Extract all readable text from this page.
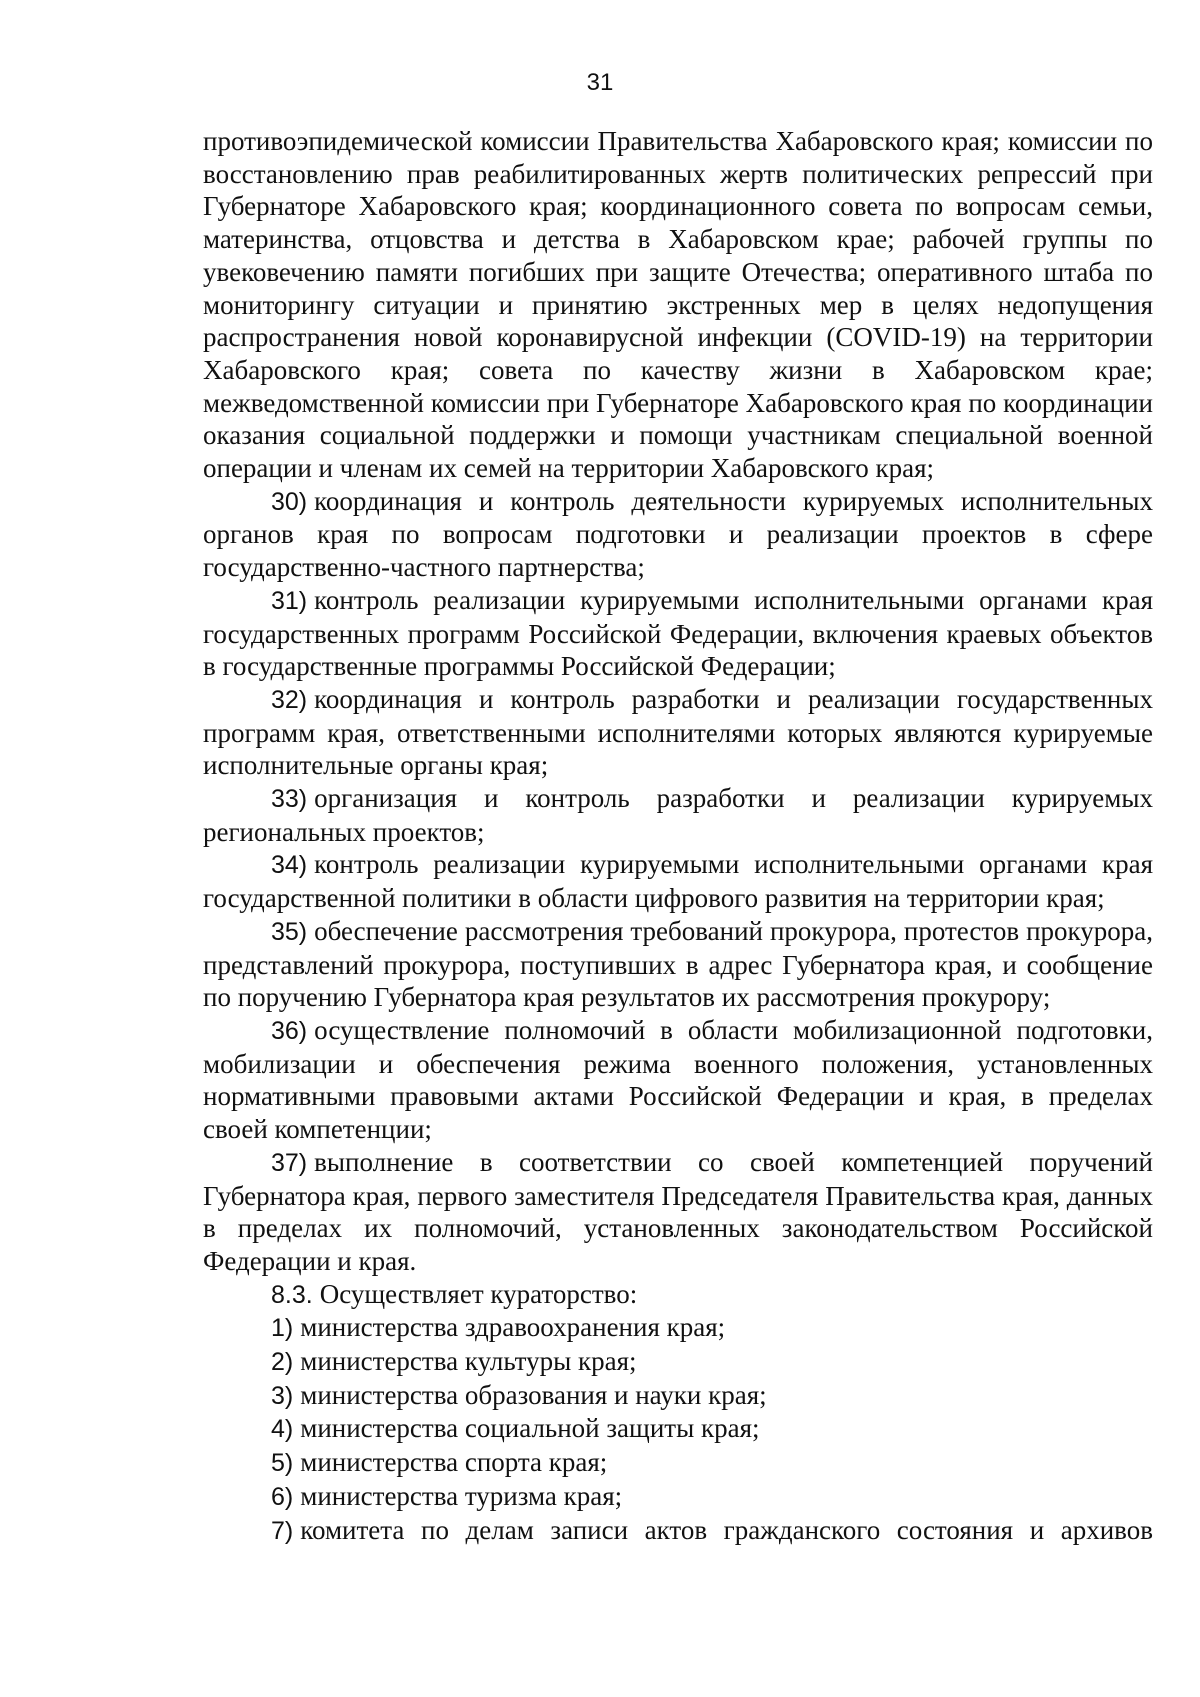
31

противоэпидемической комиссии Правительства Хабаровского края; комиссии по восстановлению прав реабилитированных жертв политических репрессий при Губернаторе Хабаровского края; координационного совета по вопросам семьи, материнства, отцовства и детства в Хабаровском крае; рабочей группы по увековечению памяти погибших при защите Отечества; оперативного штаба по мониторингу ситуации и принятию экстренных мер в целях недопущения распространения новой коронавирусной инфекции (COVID-19) на территории Хабаровского края; совета по качеству жизни в Хабаровском крае; межведомственной комиссии при Губернаторе Хабаровского края по координации оказания социальной поддержки и помощи участникам специальной военной операции и членам их семей на территории Хабаровского края;

30) координация и контроль деятельности курируемых исполнительных органов края по вопросам подготовки и реализации проектов в сфере государственно-частного партнерства;

31) контроль реализации курируемыми исполнительными органами края государственных программ Российской Федерации, включения краевых объектов в государственные программы Российской Федерации;

32) координация и контроль разработки и реализации государственных программ края, ответственными исполнителями которых являются курируемые исполнительные органы края;

33) организация и контроль разработки и реализации курируемых региональных проектов;

34) контроль реализации курируемыми исполнительными органами края государственной политики в области цифрового развития на территории края;

35) обеспечение рассмотрения требований прокурора, протестов прокурора, представлений прокурора, поступивших в адрес Губернатора края, и сообщение по поручению Губернатора края результатов их рассмотрения прокурору;

36) осуществление полномочий в области мобилизационной подготовки, мобилизации и обеспечения режима военного положения, установленных нормативными правовыми актами Российской Федерации и края, в пределах своей компетенции;

37) выполнение в соответствии со своей компетенцией поручений Губернатора края, первого заместителя Председателя Правительства края, данных в пределах их полномочий, установленных законодательством Российской Федерации и края.

8.3. Осуществляет кураторство:

1) министерства здравоохранения края;

2) министерства культуры края;

3) министерства образования и науки края;

4) министерства социальной защиты края;

5) министерства спорта края;

6) министерства туризма края;

7) комитета по делам записи актов гражданского состояния и архивов
